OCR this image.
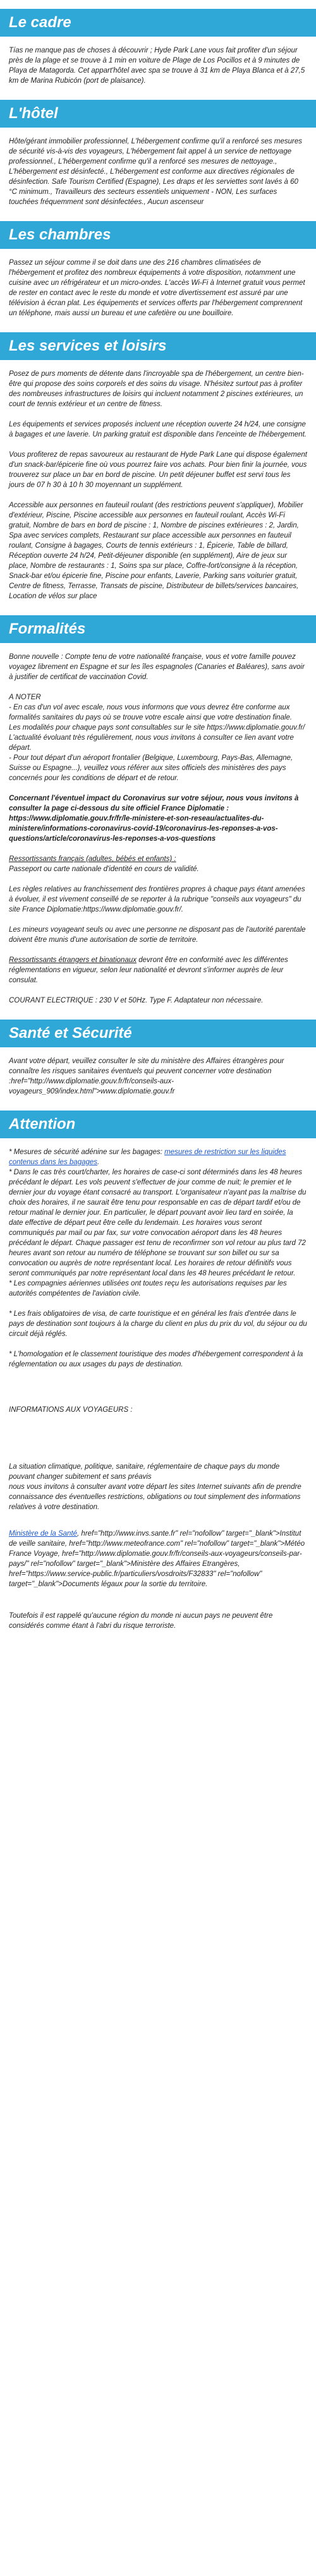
Le cadre

Tías ne manque pas de choses à découvrir ; Hyde Park Lane vous fait profiter d'un séjour près de la plage et se trouve à 1 min en voiture de Plage de Los Pocillos et à 9 minutes de Playa de Matagorda. Cet appart'hôtel avec spa se trouve à 31 km de Playa Blanca et à 27,5 km de Marina Rubicón (port de plaisance).

L'hôtel

Hôte/gérant immobilier professionnel, L'hébergement confirme qu'il a renforcé ses mesures de sécurité vis-à-vis des voyageurs, L'hébergement fait appel à un service de nettoyage professionnel., L'hébergement confirme qu'il a renforcé ses mesures de nettoyage., L'hébergement est désinfecté., L'hébergement est conforme aux directives régionales de désinfection. Safe Tourism Certified (Espagne), Les draps et les serviettes sont lavés à 60 °C minimum., Travailleurs des secteurs essentiels uniquement - NON, Les surfaces touchées fréquemment sont désinfectées., Aucun ascenseur

Les chambres

Passez un séjour comme il se doit dans une des 216 chambres climatisées de l'hébergement et profitez des nombreux équipements à votre disposition, notamment une cuisine avec un réfrigérateur et un micro-ondes. L'accès Wi-Fi à Internet gratuit vous permet de rester en contact avec le reste du monde et votre divertissement est assuré par une télévision à écran plat. Les équipements et services offerts par l'hébergement comprennent un téléphone, mais aussi un bureau et une cafetière ou une bouilloire.

Les services et loisirs

Posez de purs moments de détente dans l'incroyable spa de l'hébergement, un centre bien-être qui propose des soins corporels et des soins du visage. N'hésitez surtout pas à profiter des nombreuses infrastructures de loisirs qui incluent notamment 2 piscines extérieures, un court de tennis extérieur et un centre de fitness.

Les équipements et services proposés incluent une réception ouverte 24 h/24, une consigne à bagages et une laverie. Un parking gratuit est disponible dans l'enceinte de l'hébergement.

Vous profiterez de repas savoureux au restaurant de Hyde Park Lane qui dispose également d'un snack-bar/épicerie fine où vous pourrez faire vos achats. Pour bien finir la journée, vous trouverez sur place un bar en bord de piscine. Un petit déjeuner buffet est servi tous les jours de 07 h 30 à 10 h 30 moyennant un supplément.

Accessible aux personnes en fauteuil roulant (des restrictions peuvent s'appliquer), Mobilier d'extérieur, Piscine, Piscine accessible aux personnes en fauteuil roulant, Accès Wi-Fi gratuit, Nombre de bars en bord de piscine : 1, Nombre de piscines extérieures : 2, Jardin, Spa avec services complets, Restaurant sur place accessible aux personnes en fauteuil roulant, Consigne à bagages, Courts de tennis extérieurs : 1, Épicerie, Table de billard, Réception ouverte 24 h/24, Petit-déjeuner disponible (en supplément), Aire de jeux sur place, Nombre de restaurants : 1, Soins spa sur place, Coffre-fort/consigne à la réception, Snack-bar et/ou épicerie fine, Piscine pour enfants, Laverie, Parking sans voiturier gratuit, Centre de fitness, Terrasse, Transats de piscine, Distributeur de billets/services bancaires, Location de vélos sur place

Formalités

Bonne nouvelle : Compte tenu de votre nationalité française, vous et votre famille pouvez voyagez librement en Espagne et sur les îles espagnoles (Canaries et Baléares), sans avoir à justifier de certificat de vaccination Covid.

A NOTER

- En cas d'un vol avec escale, nous vous informons que vous devrez être conforme aux formalités sanitaires du pays où se trouve votre escale ainsi que votre destination finale.
Les modalités pour chaque pays sont consultables sur le site https://www.diplomatie.gouv.fr/ L'actualité évoluant très régulièrement, nous vous invitons à consulter ce lien avant votre départ.
- Pour tout départ d'un aéroport frontalier (Belgique, Luxembourg, Pays-Bas, Allemagne, Suisse ou Espagne...), veuillez vous référer aux sites officiels des ministères des pays concernés pour les conditions de départ et de retour.

Concernant l'éventuel impact du Coronavirus sur votre séjour, nous vous invitons à consulter la page ci-dessous du site officiel France Diplomatie : https://www.diplomatie.gouv.fr/fr/le-ministere-et-son-reseau/actualites-du-ministere/informations-coronavirus-covid-19/coronavirus-les-reponses-a-vos-questions/article/coronavirus-les-reponses-a-vos-questions

Ressortissants français (adultes, bébés et enfants) :

Passeport ou carte nationale d'identité en cours de validité.

Les règles relatives au franchissement des frontières propres à chaque pays étant amenées à évoluer, il est vivement conseillé de se reporter à la rubrique "conseils aux voyageurs" du site France Diplomatie:https://www.diplomatie.gouv.fr/.

Les mineurs voyageant seuls ou avec une personne ne disposant pas de l'autorité parentale doivent être munis d'une autorisation de sortie de territoire.

Ressortissants étrangers et binationaux devront être en conformité avec les différentes réglementations en vigueur, selon leur nationalité et devront s'informer auprès de leur consulat.

COURANT ELECTRIQUE : 230 V et 50Hz. Type F. Adaptateur non nécessaire.

Santé et Sécurité

Avant votre départ, veuillez consulter le site du ministère des Affaires étrangères pour connaître les risques sanitaires éventuels qui peuvent concerner votre destination :href="http://www.diplomatie.gouv.fr/fr/conseils-aux-voyageurs_909/index.html">www.diplomatie.gouv.fr

Attention

* Mesures de sécurité adénine sur les bagages: mesures de restriction sur les liquides contenus dans les bagages.

* Dans le cas très court/charter, les horaires de case-ci sont déterminés dans les 48 heures précédant le départ. Les vols peuvent s'effectuer de jour comme de nuit; le premier et le dernier jour du voyage étant consacré au transport. L'organisateur n'ayant pas la maîtrise du choix des horaires, il ne saurait être tenu pour responsable en cas de départ tardif et/ou de retour matinal le dernier jour. En particulier, le départ pouvant avoir lieu tard en soirée, la date effective de départ peut être celle du lendemain. Les horaires vous seront communiqués par mail ou par fax, sur votre convocation aéroport dans les 48 heures précédant le départ. Chaque passager est tenu de reconfirmer son vol retour au plus tard 72 heures avant son retour au numéro de téléphone se trouvant sur son billet ou sur sa convocation ou auprès de notre représentant local. Les horaires de retour définitifs vous seront communiqués par notre représentant local dans les 48 heures précédant le retour.
* Les compagnies aériennes utilisées ont toutes reçu les autorisations requises par les autorités compétentes de l'aviation civile.

* Les frais obligatoires de visa, de carte touristique et en général les frais d'entrée dans le pays de destination sont toujours à la charge du client en plus du prix du vol, du séjour ou du circuit déjà réglés.

* L'homologation et le classement touristique des modes d'hébergement correspondent à la réglementation ou aux usages du pays de destination.

INFORMATIONS AUX VOYAGEURS :

La situation climatique, politique, sanitaire, réglementaire de chaque pays du monde pouvant changer subitement et sans préavis
nous vous invitons à consulter avant votre départ les sites Internet suivants afin de prendre connaissance des éventuelles restrictions, obligations ou tout simplement des informations relatives à votre destination.

Ministère de la Santé, href="http://www.invs.sante.fr" rel="nofollow" target="_blank">Institut de veille sanitaire, href="http://www.meteofrance.com" rel="nofollow" target="_blank">Météo France Voyage, href="http://www.diplomatie.gouv.fr/fr/conseils-aux-voyageurs/conseils-par-pays/" rel="nofollow" target="_blank">Ministère des Affaires Etrangères, href="https://www.service-public.fr/particuliers/vosdroits/F32833" rel="nofollow" target="_blank">Documents légaux pour la sortie du territoire.

Toutefois il est rappelé qu'aucune région du monde ni aucun pays ne peuvent être considérés comme étant à l'abri du risque terroriste.
